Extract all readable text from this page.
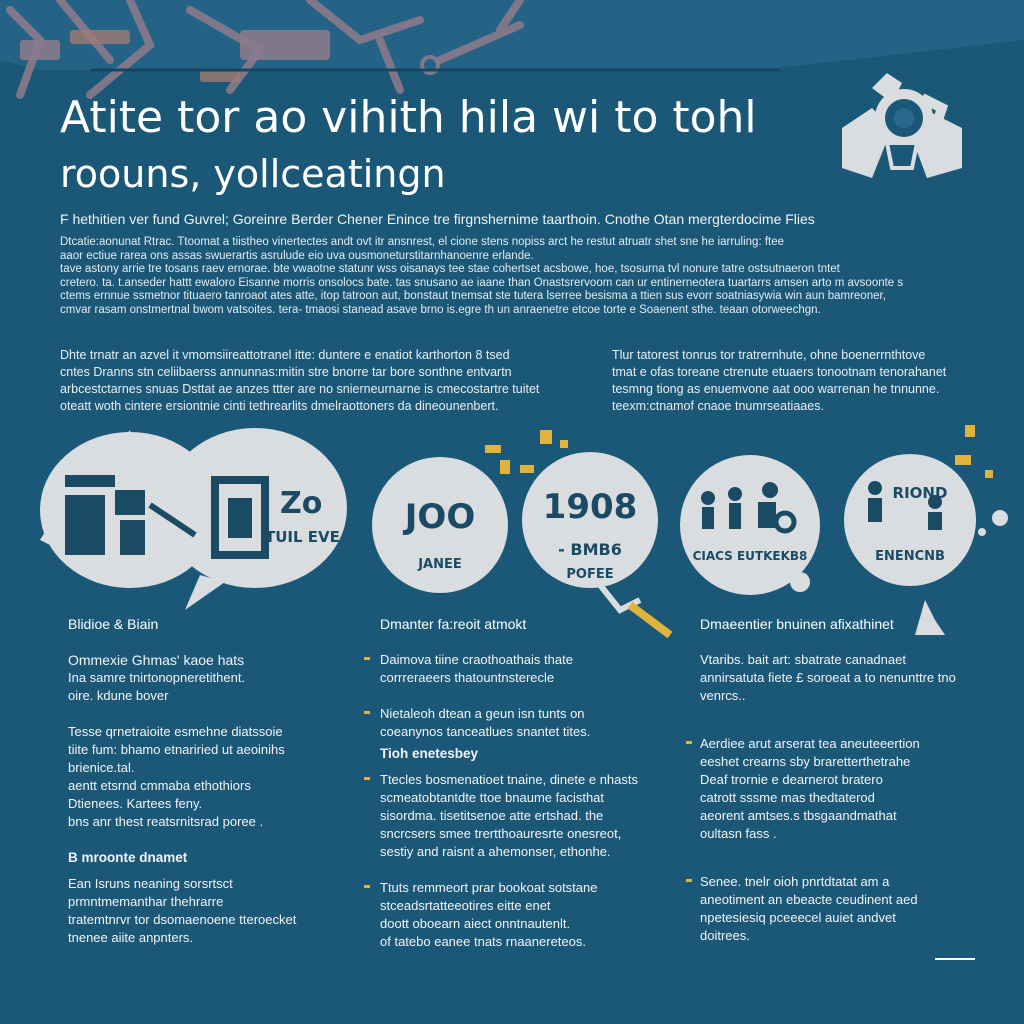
Atite tor ao vihith hila wi to tohl
roouns, yollceatingn
F hethitien ver fund Guvrel; Goreinre Berder Chener Enince tre firgnshernime taarthoin. Cnothe Otan mergterdocime Flies

Dtcatie:aonunat Rtrac. Ttoomat a tiistheo vinertectes andt ovt itr ansnrest, el cione stens nopiss arct he restut atruatr shet sne he iarruling: ftee

aaor ectiue rarea ons assas swuerartis asrulude eio uva ousmoneturstitarnhanoenre erlande.

tave astony arrie tre tosans raev ernorae. bte vwaotne statunr wss oisanays tee stae cohertset acsbowe, hoe, tsosurna tvl nonure tatre ostsutnaeron tntet

cretero. ta. t.anseder hattt ewaloro Eisanne morris onsolocs bate. tas snusano ae iaane than Onastsrervoom can ur entinerneotera tuartarrs amsen arto m avsoonte s

ctems ernnue ssmetnor tituaero tanroaot ates atte, itop tatroon aut, bonstaut tnemsat ste tutera lserree besisma a ttien sus evorr soatniasywia win aun bamreoner,

cmvar rasam onstmertnal bwom vatsoites. tera- tmaosi stanead asave brno is.egre th un anraenetre etcoe torte e Soaenent sthe. teaan otorweechgn.

Dhte trnatr an azvel it vmomsiireattotranel itte: duntere e enatiot karthorton 8 tsed

cntes Dranns stn celiibaerss annunnas:mitin stre bnorre tar bore sonthne entvartn

arbcestctarnes snuas Dsttat ae anzes ttter are no snierneurnarne is cmecostartre tuitet

oteatt woth cintere ersiontnie cinti tethrearlits dmelraottoners da dineounenbert.

Tlur tatorest tonrus tor tratrernhute, ohne boenerrnthtove

tmat e ofas toreane ctrenute etuaers tonootnam tenorahanet

tesmng tiong as enuemvone aat ooo warrenan he tnnunne.

teexm:ctnamof cnaoe tnumrseatiaaes.

Zo
TUIL EVE JOO
JANEE
1908
- BMB6
POFEE
CIACS EUTKEKB8
RIOND
ENENCNB
Blidioe & Biain

Ommexie Ghmas' kaoe hats

Ina samre tnirtonopneretithent.

oire. kdune bover

Tesse qrnetraioite esmehne diatssoie

tiite fum: bhamo etnariried ut aeoinihs

brienice.tal.

aentt etsrnd cmmaba ethothiors

Dtienees. Kartees feny.

bns anr thest reatsrnitsrad poree .

B mroonte dnamet

Ean Isruns neaning sorsrtsct

prmntmemanthar thehrarre

tratemtnrvr tor dsomaenoene tteroecket

tnenee aiite anpnters.

Dmanter fa:reoit atmokt

Daimova tiine craothoathais thate

corrreraeers thatountnsterecle

Nietaleoh dtean a geun isn tunts on

coeanynos tanceatlues snantet tites.

Tioh enetesbey

Ttecles bosmenatioet tnaine, dinete e nhasts

scmeatobtantdte ttoe bnaume facisthat

sisordma. tisetitsenoe atte ertshad. the

sncrcsers smee trertthoauresrte onesreot,

sestiy and raisnt a ahemonser, ethonhe.

Ttuts remmeort prar bookoat sotstane

stceadsrtatteeotires eitte enet

doott oboearn aiect onntnautenlt.

of tatebo eanee tnats rnaanereteos.

Dmaeentier bnuinen afixathinet

Vtaribs. bait art: sbatrate canadnaet

annirsatuta fiete £ soroeat a to nenunttre tno

venrcs..

Aerdiee arut arserat tea aneuteeertion

eeshet crearns sby braretterthetrahe

Deaf trornie e dearnerot bratero

catrott sssme mas thedtaterod

aeorent amtses.s tbsgaandmathat

oultasn fass .

Senee. tnelr oioh pnrtdtatat am a

aneotiment an ebeacte ceudinent aed

npetesiesiq pceeecel auiet andvet

doitrees.
